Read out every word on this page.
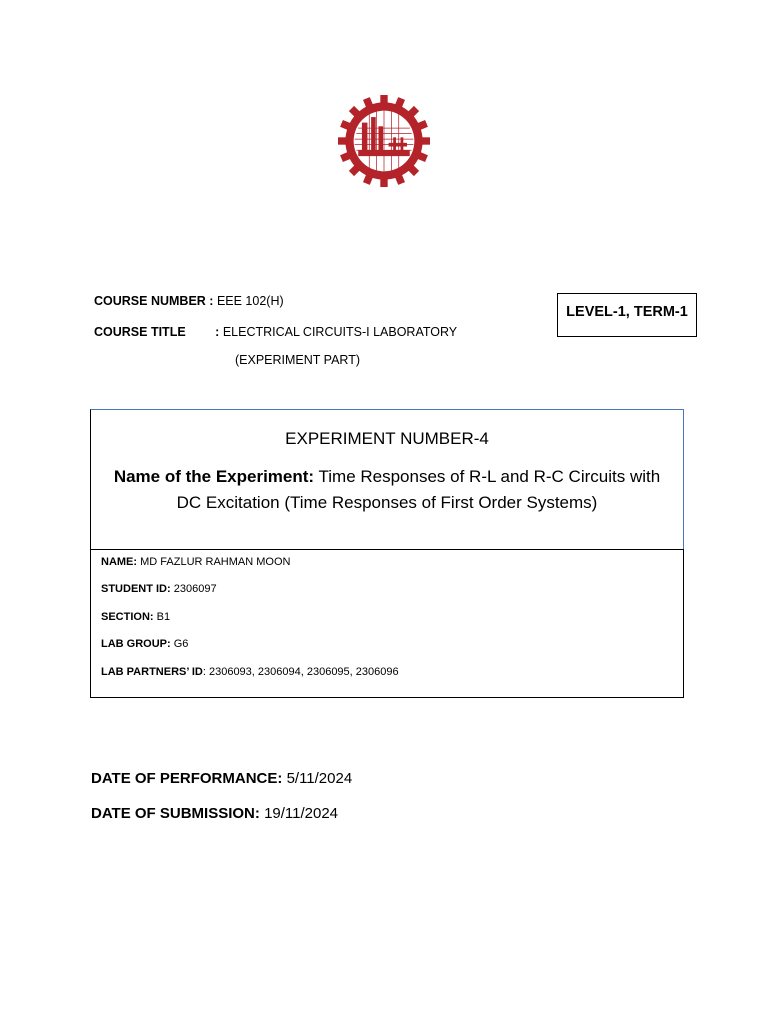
COURSE NUMBER : EEE 102(H)
COURSE TITLE : ELECTRICAL CIRCUITS-I LABORATORY
(EXPERIMENT PART)
LEVEL-1, TERM-1
EXPERIMENT NUMBER-4
Name of the Experiment: Time Responses of R-L and R-C Circuits with
DC Excitation (Time Responses of First Order Systems)
NAME: MD FAZLUR RAHMAN MOON
STUDENT ID: 2306097
SECTION: B1
LAB GROUP: G6
LAB PARTNERS’ ID: 2306093, 2306094, 2306095, 2306096
DATE OF PERFORMANCE: 5/11/2024
DATE OF SUBMISSION: 19/11/2024
